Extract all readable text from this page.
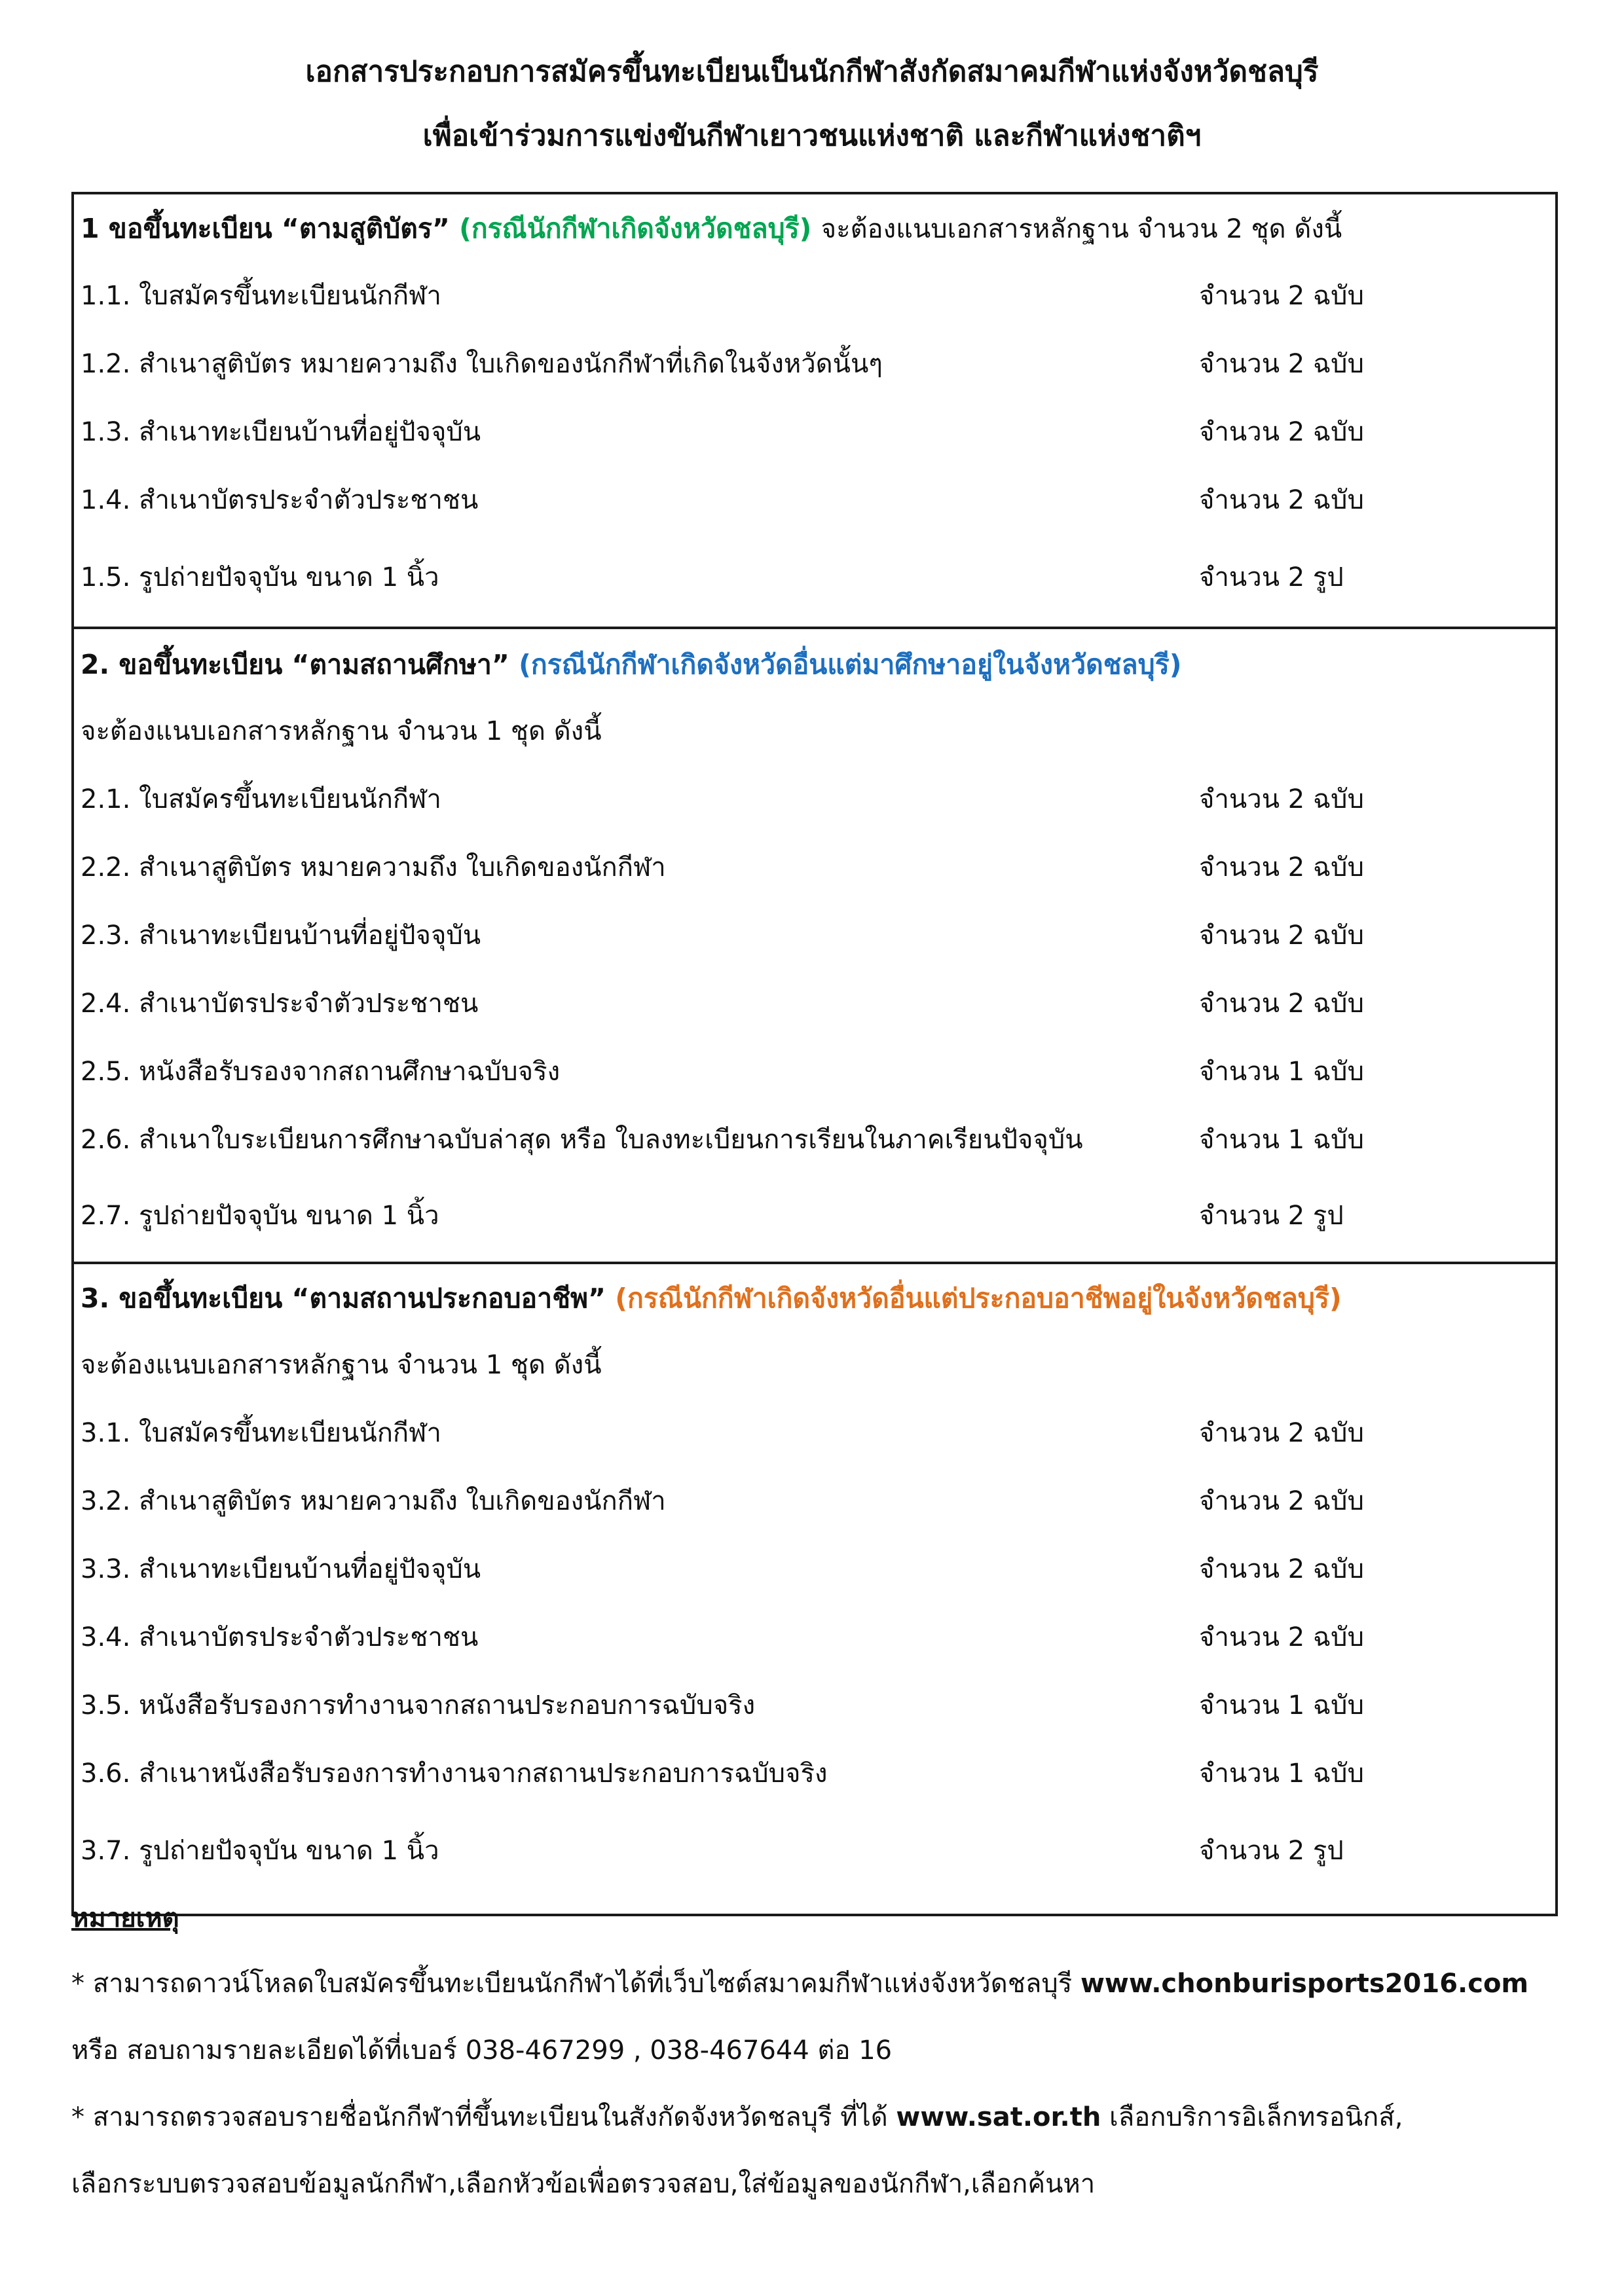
เอกสารประกอบการสมัครขึ้นทะเบียนเป็นนักกีฬาสังกัดสมาคมกีฬาแห่งจังหวัดชลบุรี
เพื่อเข้าร่วมการแข่งขันกีฬาเยาวชนแห่งชาติ และกีฬาแห่งชาติฯ
1 ขอขึ้นทะเบียน “ตามสูติบัตร” (กรณีนักกีฬาเกิดจังหวัดชลบุรี) จะต้องแนบเอกสารหลักฐาน จำนวน 2 ชุด ดังนี้
1.1. ใบสมัครขึ้นทะเบียนนักกีฬา	จำนวน 2 ฉบับ
1.2. สำเนาสูติบัตร หมายความถึง ใบเกิดของนักกีฬาที่เกิดในจังหวัดนั้นๆ	จำนวน 2 ฉบับ
1.3. สำเนาทะเบียนบ้านที่อยู่ปัจจุบัน	จำนวน 2 ฉบับ
1.4. สำเนาบัตรประจำตัวประชาชน	จำนวน 2 ฉบับ
1.5. รูปถ่ายปัจจุบัน ขนาด 1 นิ้ว	จำนวน 2 รูป
2. ขอขึ้นทะเบียน “ตามสถานศึกษา” (กรณีนักกีฬาเกิดจังหวัดอื่นแต่มาศึกษาอยู่ในจังหวัดชลบุรี)
จะต้องแนบเอกสารหลักฐาน จำนวน 1 ชุด ดังนี้
2.1. ใบสมัครขึ้นทะเบียนนักกีฬา	จำนวน 2 ฉบับ
2.2. สำเนาสูติบัตร หมายความถึง ใบเกิดของนักกีฬา	จำนวน 2 ฉบับ
2.3. สำเนาทะเบียนบ้านที่อยู่ปัจจุบัน	จำนวน 2 ฉบับ
2.4. สำเนาบัตรประจำตัวประชาชน	จำนวน 2 ฉบับ
2.5. หนังสือรับรองจากสถานศึกษาฉบับจริง	จำนวน 1 ฉบับ
2.6. สำเนาใบระเบียนการศึกษาฉบับล่าสุด หรือ ใบลงทะเบียนการเรียนในภาคเรียนปัจจุบัน	จำนวน 1 ฉบับ
2.7. รูปถ่ายปัจจุบัน ขนาด 1 นิ้ว	จำนวน 2 รูป
3. ขอขึ้นทะเบียน “ตามสถานประกอบอาชีพ” (กรณีนักกีฬาเกิดจังหวัดอื่นแต่ประกอบอาชีพอยู่ในจังหวัดชลบุรี)
จะต้องแนบเอกสารหลักฐาน จำนวน 1 ชุด ดังนี้
3.1. ใบสมัครขึ้นทะเบียนนักกีฬา	จำนวน 2 ฉบับ
3.2. สำเนาสูติบัตร หมายความถึง ใบเกิดของนักกีฬา	จำนวน 2 ฉบับ
3.3. สำเนาทะเบียนบ้านที่อยู่ปัจจุบัน	จำนวน 2 ฉบับ
3.4. สำเนาบัตรประจำตัวประชาชน	จำนวน 2 ฉบับ
3.5. หนังสือรับรองการทำงานจากสถานประกอบการฉบับจริง	จำนวน 1 ฉบับ
3.6. สำเนาหนังสือรับรองการทำงานจากสถานประกอบการฉบับจริง	จำนวน 1 ฉบับ
3.7. รูปถ่ายปัจจุบัน ขนาด 1 นิ้ว	จำนวน 2 รูป
หมายเหตุ
* สามารถดาวน์โหลดใบสมัครขึ้นทะเบียนนักกีฬาได้ที่เว็บไซต์สมาคมกีฬาแห่งจังหวัดชลบุรี www.chonburisports2016.com
หรือ สอบถามรายละเอียดได้ที่เบอร์ 038-467299 , 038-467644 ต่อ 16
* สามารถตรวจสอบรายชื่อนักกีฬาที่ขึ้นทะเบียนในสังกัดจังหวัดชลบุรี ที่ได้ www.sat.or.th เลือกบริการอิเล็กทรอนิกส์,
เลือกระบบตรวจสอบข้อมูลนักกีฬา,เลือกหัวข้อเพื่อตรวจสอบ,ใส่ข้อมูลของนักกีฬา,เลือกค้นหา
